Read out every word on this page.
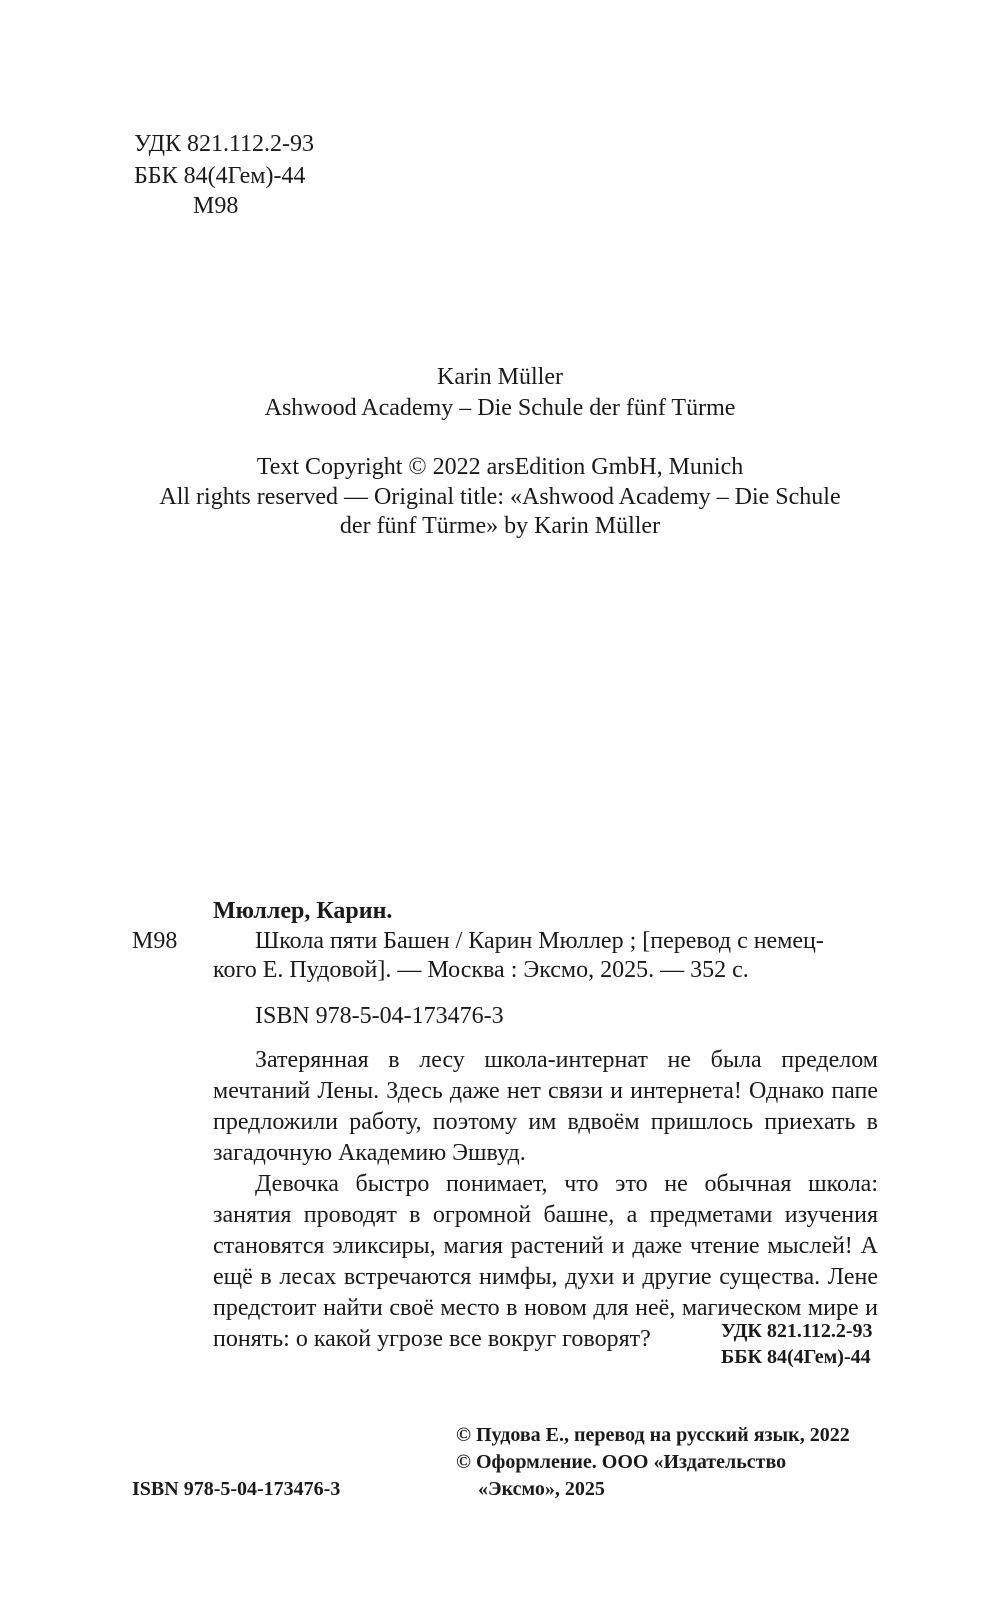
УДК 821.112.2-93
ББК 84(4Гем)-44
М98
Karin Müller
Ashwood Academy – Die Schule der fünf Türme
Text Copyright © 2022 arsEdition GmbH, Munich
All rights reserved — Original title: «Ashwood Academy – Die Schule
der fünf Türme» by Karin Müller
Мюллер, Карин.
М98	Школа пяти Башен / Карин Мюллер ; [перевод с немец-
кого Е. Пудовой]. — Москва : Эксмо, 2025. — 352 с.
ISBN 978-5-04-173476-3

Затерянная в лесу школа-интернат не была пределом мечтаний Лены. Здесь даже нет связи и интернета! Однако папе предложили работу, поэтому им вдвоём пришлось приехать в загадочную Академию Эшвуд.

Девочка быстро понимает, что это не обычная школа: занятия проводят в огромной башне, а предметами изучения становятся эликсиры, магия растений и даже чтение мыслей! А ещё в лесах встречаются нимфы, духи и другие существа. Лене предстоит найти своё место в новом для неё, магическом мире и понять: о какой угрозе все вокруг говорят?	УДК 821.112.2-93
ББК 84(4Гем)-44
© Пудова Е., перевод на русский язык, 2022
© Оформление. ООО «Издательство
«Эксмо», 2025
ISBN 978-5-04-173476-3
